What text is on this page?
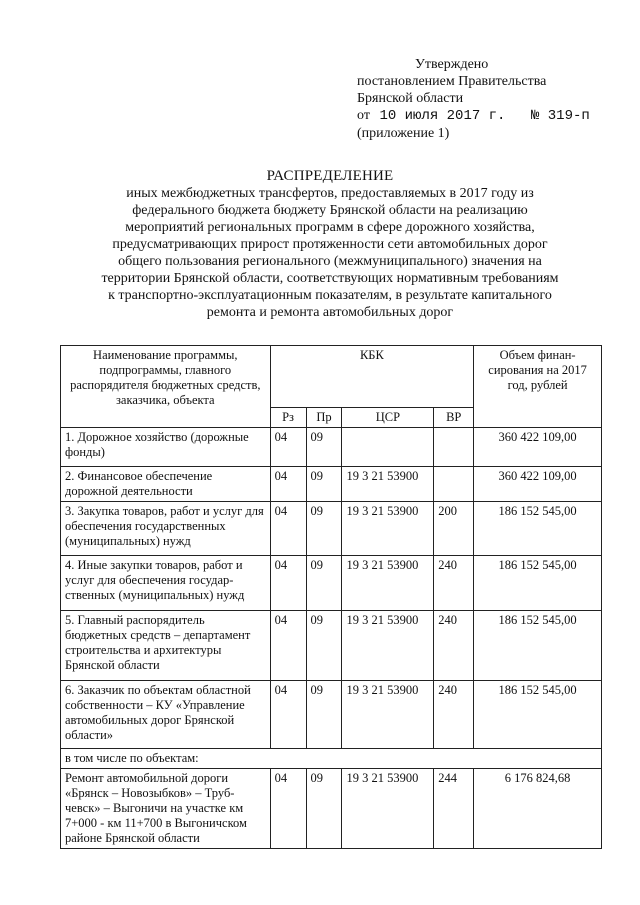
Утверждено
постановлением Правительства
Брянской области
от 10 июля 2017 г. № 319-п
(приложение 1)
РАСПРЕДЕЛЕНИЕ
иных межбюджетных трансфертов, предоставляемых в 2017 году из
федерального бюджета бюджету Брянской области на реализацию
мероприятий региональных программ в сфере дорожного хозяйства,
предусматривающих прирост протяженности сети автомобильных дорог
общего пользования регионального (межмуниципального) значения на
территории Брянской области, соответствующих нормативным требованиям
к транспортно-эксплуатационным показателям, в результате капитального
ремонта и ремонта автомобильных дорог
Наименование программы, подпрограммы, главного распорядителя бюджетных средств, заказчика, объекта	КБК				Объем финан-сирования на 2017 год, рублей
	Рз	Пр	ЦСР	ВР	
1. Дорожное хозяйство (дорожные фонды)	04	09			360 422 109,00
2. Финансовое обеспечение дорожной деятельности	04	09	19 3 21 53900		360 422 109,00
3. Закупка товаров, работ и услуг для обеспечения государственных (муниципальных) нужд	04	09	19 3 21 53900	200	186 152 545,00
4. Иные закупки товаров, работ и услуг для обеспечения государ-ственных (муниципальных) нужд	04	09	19 3 21 53900	240	186 152 545,00
5. Главный распорядитель бюджетных средств – департамент строительства и архитектуры Брянской области	04	09	19 3 21 53900	240	186 152 545,00
6. Заказчик по объектам областной собственности – КУ «Управление автомобильных дорог Брянской области»	04	09	19 3 21 53900	240	186 152 545,00
в том числе по объектам:					
Ремонт автомобильной дороги «Брянск – Новозыбков» – Труб-чевск» – Выгоничи на участке км 7+000 - км 11+700 в Выгоничском районе Брянской области	04	09	19 3 21 53900	244	6 176 824,68
